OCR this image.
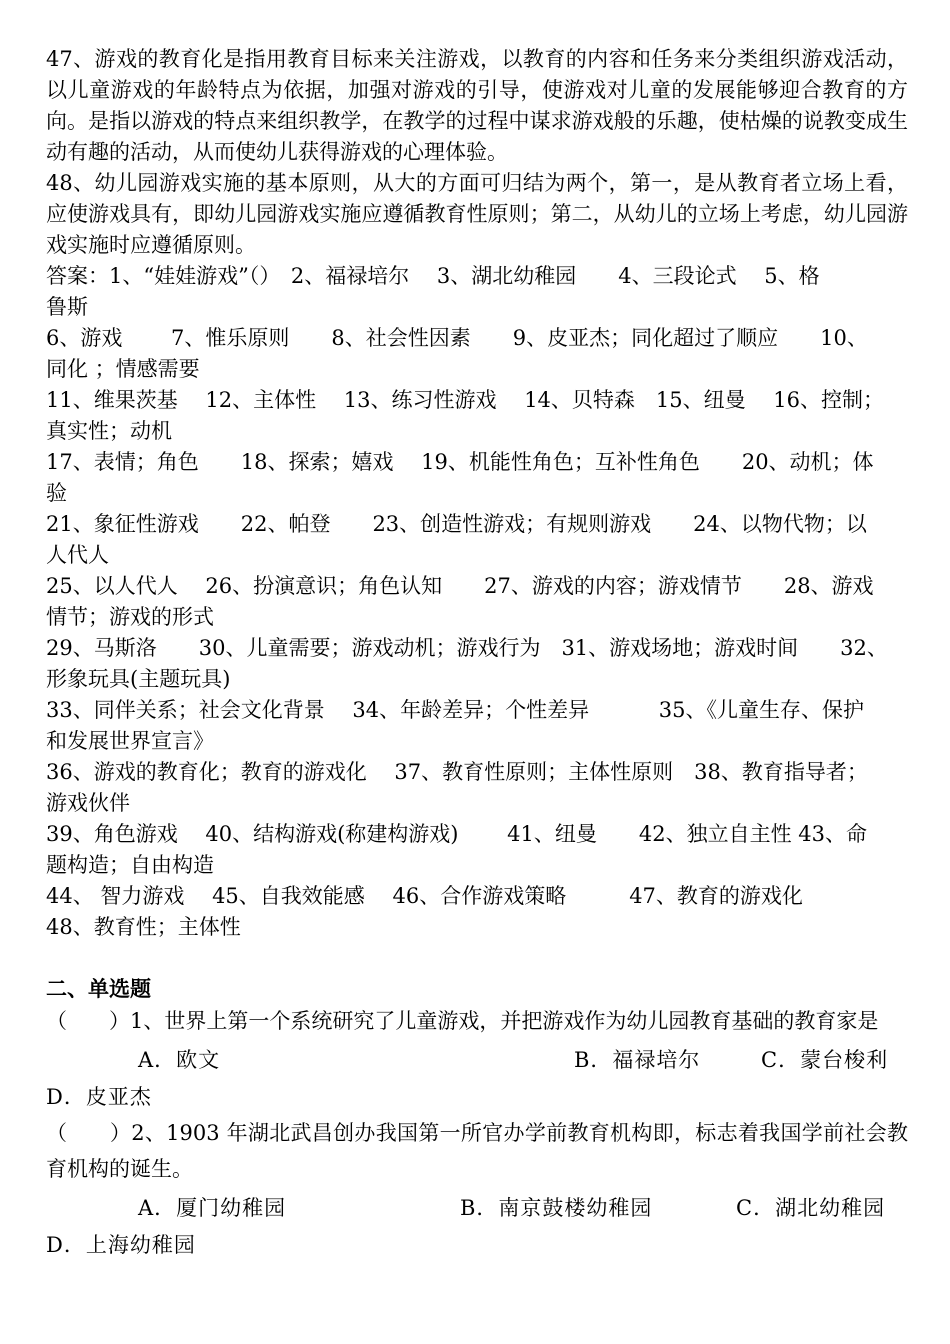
47、游戏的教育化是指用教育目标来关注游戏，以教育的内容和任务来分类组织游戏活动，以儿童游戏的年龄特点为依据，加强对游戏的引导，使游戏对儿童的发展能够迎合教育的方向。是指以游戏的特点来组织教学，在教学的过程中谋求游戏般的乐趣，使枯燥的说教变成生动有趣的活动，从而使幼儿获得游戏的心理体验。

48、幼儿园游戏实施的基本原则，从大的方面可归结为两个，第一，是从教育者立场上看，应使游戏具有，即幼儿园游戏实施应遵循教育性原则；第二，从幼儿的立场上考虑，幼儿园游戏实施时应遵循原则。

答案：1、“娃娃游戏”（）　2、福禄培尔　 3、湖北幼稚园　　4、三段论式　 5、格
鲁斯
6、游戏　　 7、惟乐原则　　8、社会性因素　　9、皮亚杰；同化超过了顺应　　10、
同化 ；情感需要
11、维果茨基　 12、主体性　 13、练习性游戏　 14、贝特森　15、纽曼　 16、控制；
真实性；动机
17、表情；角色　　18、探索；嬉戏　 19、机能性角色；互补性角色　　20、动机；体
验
21、象征性游戏　　22、帕登　　23、创造性游戏；有规则游戏　　24、以物代物；以
人代人
25、以人代人　 26、扮演意识；角色认知　　27、游戏的内容；游戏情节　　28、游戏
情节；游戏的形式
29、马斯洛　　30、儿童需要；游戏动机；游戏行为　31、游戏场地；游戏时间　　32、
形象玩具(主题玩具)
33、同伴关系；社会文化背景　 34、年龄差异；个性差异　　　 35、《儿童生存、保护
和发展世界宣言》
36、游戏的教育化；教育的游戏化　 37、教育性原则；主体性原则　38、教育指导者；
游戏伙伴
39、角色游戏　 40、结构游戏(称建构游戏)　　 41、纽曼　　42、独立自主性 43、命
题构造；自由构造
44、 智力游戏　 45、自我效能感　 46、合作游戏策略　　　47、教育的游戏化
48、教育性；主体性
二、单选题

（　　）1、世界上第一个系统研究了儿童游戏，并把游戏作为幼儿园教育基础的教育家是

A．欧文	B．福禄培尔	C．蒙台梭利

D．皮亚杰

（　　）2、1903 年湖北武昌创办我国第一所官办学前教育机构即，标志着我国学前社会教育机构的诞生。

A．厦门幼稚园	B．南京鼓楼幼稚园	C．湖北幼稚园

D．上海幼稚园
